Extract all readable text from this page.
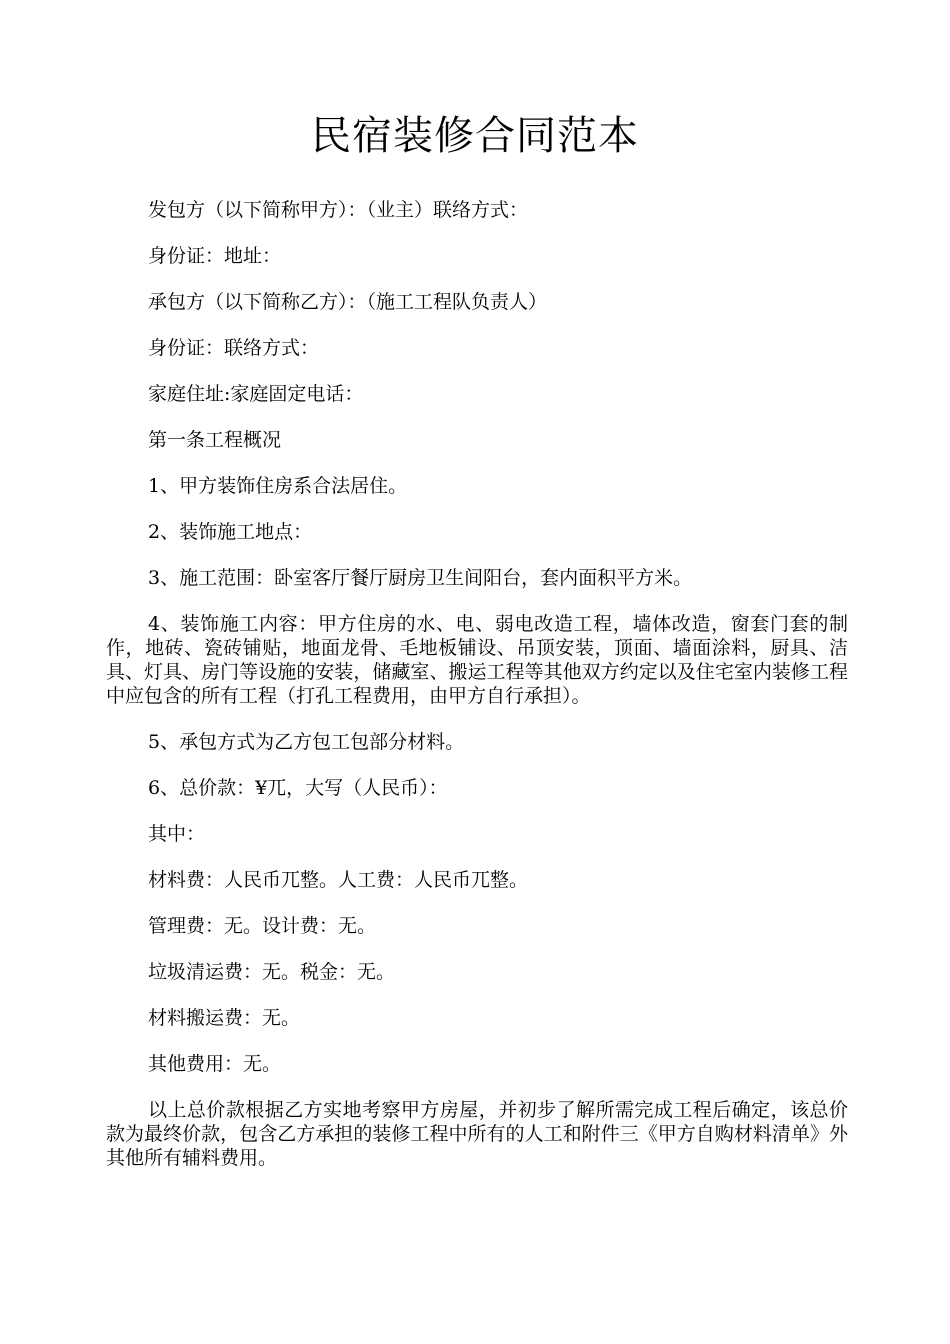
民宿装修合同范本

发包方（以下简称甲方）：（业主）联络方式：

身份证：地址：

承包方（以下简称乙方）：（施工工程队负责人）

身份证：联络方式：

家庭住址:家庭固定电话：

第一条工程概况

1、甲方装饰住房系合法居住。

2、装饰施工地点：

3、施工范围：卧室客厅餐厅厨房卫生间阳台，套内面积平方米。

4、装饰施工内容：甲方住房的水、电、弱电改造工程，墙体改造，窗套门套的制作，地砖、瓷砖铺贴，地面龙骨、毛地板铺设、吊顶安装，顶面、墙面涂料，厨具、洁具、灯具、房门等设施的安装，储藏室、搬运工程等其他双方约定以及住宅室内装修工程中应包含的所有工程（打孔工程费用，由甲方自行承担）。

5、承包方式为乙方包工包部分材料。

6、总价款：¥兀，大写（人民币）：

其中：

材料费：人民币兀整。人工费：人民币兀整。

管理费：无。设计费：无。

垃圾清运费：无。税金：无。

材料搬运费：无。

其他费用：无。

以上总价款根据乙方实地考察甲方房屋，并初步了解所需完成工程后确定，该总价款为最终价款，包含乙方承担的装修工程中所有的人工和附件三《甲方自购材料清单》外其他所有辅料费用。
